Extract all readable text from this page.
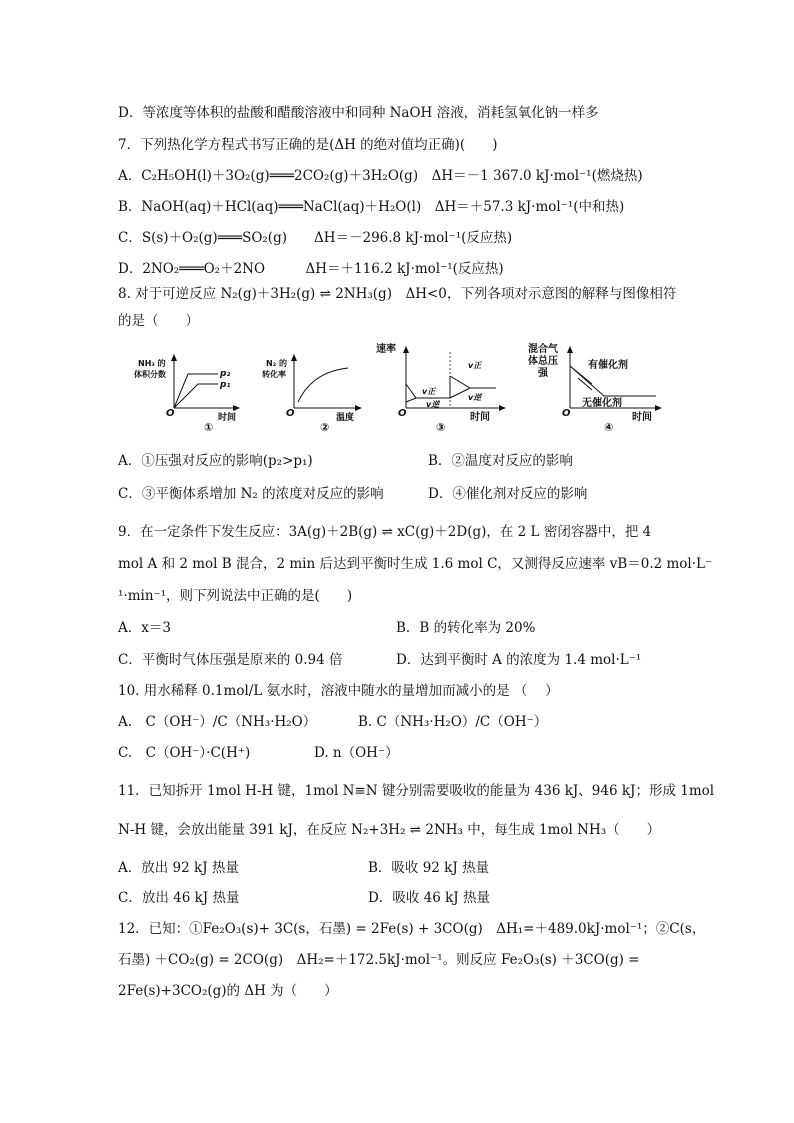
D．等浓度等体积的盐酸和醋酸溶液中和同种 NaOH 溶液，消耗氢氧化钠一样多
7．下列热化学方程式书写正确的是(ΔH 的绝对值均正确)(　　)
A．C₂H₅OH(l)＋3O₂(g)═══2CO₂(g)＋3H₂O(g)　ΔH＝－1 367.0 kJ·mol⁻¹(燃烧热)
B．NaOH(aq)＋HCl(aq)═══NaCl(aq)＋H₂O(l)　ΔH＝＋57.3 kJ·mol⁻¹(中和热)
C．S(s)＋O₂(g)═══SO₂(g)　　ΔH＝－296.8 kJ·mol⁻¹(反应热)
D．2NO₂═══O₂＋2NO　　　ΔH＝＋116.2 kJ·mol⁻¹(反应热)
8. 对于可逆反应 N₂(g)＋3H₂(g) ⇌ 2NH₃(g)　ΔH<0，下列各项对示意图的解释与图像相符
的是（　　）
NH₃ 的
体积分数	p₂
p₁
O	时间
①
N₂ 的
转化率
O	温度
②
速率
v正
v逆
v正
v逆
O	时间
③
混合气
体总压
强
有催化剂
无催化剂
O	时间
④
A．①压强对反应的影响(p₂>p₁)	B．②温度对反应的影响
C．③平衡体系增加 N₂ 的浓度对反应的影响	D．④催化剂对反应的影响
9．在一定条件下发生反应：3A(g)＋2B(g) ⇌ xC(g)＋2D(g)，在 2 L 密闭容器中，把 4
mol A 和 2 mol B 混合，2 min 后达到平衡时生成 1.6 mol C，又测得反应速率 vB＝0.2 mol·L⁻
¹·min⁻¹，则下列说法中正确的是(　　)
A．x＝3	B．B 的转化率为 20%
C．平衡时气体压强是原来的 0.94 倍	D．达到平衡时 A 的浓度为 1.4 mol·L⁻¹
10. 用水稀释 0.1mol/L 氨水时，溶液中随水的量增加而减小的是 （　 ）
A.　C（OH⁻）/C（NH₃·H₂O）	B. C（NH₃·H₂O）/C（OH⁻）
C.　C（OH⁻）·C(H⁺)	D. n（OH⁻）
11．已知拆开 1mol H-H 键，1mol N≡N 键分别需要吸收的能量为 436 kJ、946 kJ；形成 1mol
N-H 键，会放出能量 391 kJ，在反应 N₂+3H₂ ⇌ 2NH₃ 中，每生成 1mol NH₃（　　）
A．放出 92 kJ 热量	B．吸收 92 kJ 热量
C．放出 46 kJ 热量	D．吸收 46 kJ 热量
12．已知：①Fe₂O₃(s)+ 3C(s，石墨) = 2Fe(s) + 3CO(g)　ΔH₁=＋489.0kJ·mol⁻¹；②C(s，
石墨) ＋CO₂(g) = 2CO(g)　ΔH₂=＋172.5kJ·mol⁻¹。则反应 Fe₂O₃(s) ＋3CO(g) =
2Fe(s)+3CO₂(g)的 ΔH 为（　　）
